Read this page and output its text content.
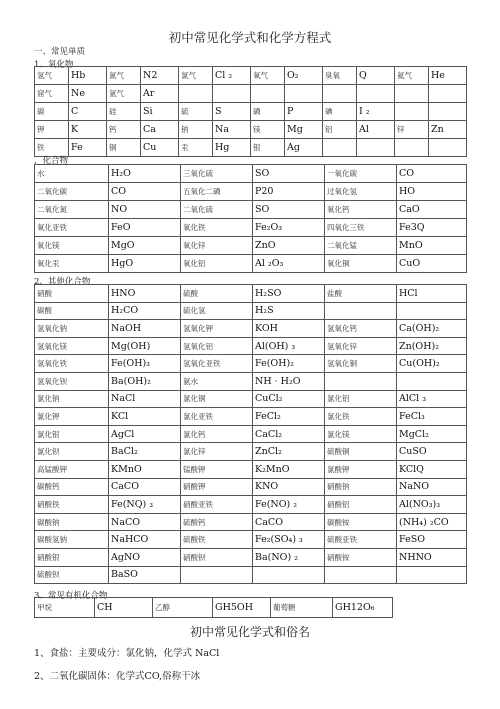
初中常见化学式和化学方程式
一、常见单质
1、氧化物
氢气	Hb	氮气	N2	氯气	Cl ₂	氧气	O₂	臭氧	Q	氦气	He
窟气	Ne	氩气	Ar								
碳	C	硅	Si	硫	S	磷	P	碘	I ₂		
钾	K	钙	Ca	钠	Na	镁	Mg	铝	Al	锌	Zn
铁	Fe	铜	Cu	汞	Hg	银	Ag				
，化合物
水	H₂O	三氧化硫	SO	一氧化碳	CO
二氧化碳	CO	五氧化二磷	P20	过氧化氢	HO
二氧化氮	NO	二氧化硫	SO	氧化钙	CaO
氧化亚铁	FeO	氧化铁	Fe₂O₃	四氧化三铁	Fe3Q
氧化镁	MgO	氧化锌	ZnO	二氧化锰	MnO
氧化汞	HgO	氧化铝	Al ₂O₃	氧化铜	CuO
2、其他化合物
硝酸	HNO	硫酸	H₂SO	盐酸	HCl
碳酸	H₂CO	硫化氢	H₂S		
氢氧化钠	NaOH	氢氧化钾	KOH	氢氧化钙	Ca(OH)₂
氢氧化镁	Mg(OH)	氢氧化铝	Al(OH) ₃	氢氧化锌	Zn(OH)₂
氢氧化铁	Fe(OH)₃	氢氧化亚铁	Fe(OH)₂	氢氧化铜	Cu(OH)₂
氢氧化钡	Ba(OH)₂	氨水	NH · H₂O		
氯化钠	NaCl	氯化铜	CuCl₂	氯化铝	AlCl ₃
氯化钾	KCl	氯化亚铁	FeCl₂	氯化铁	FeCl₃
氯化银	AgCl	氯化钙	CaCl₂	氯化镁	MgCl₂
氯化钡	BaCl₂	氯化锌	ZnCl₂	硫酸铜	CuSO
高锰酸钾	KMnO	锰酸钾	K₂MnO	氯酸钾	KClQ
碳酸钙	CaCO	硝酸钾	KNO	硝酸钠	NaNO
硝酸铁	Fe(NQ) ₃	硝酸亚铁	Fe(NO) ₂	硝酸铝	Al(NO₃)₃
碳酸钠	NaCO	硫酸钙	CaCO	碳酸铵	(NH₄) ₂CO
碳酸氢钠	NaHCO	硫酸铁	Fe₂(SO₄) ₃	硫酸亚铁	FeSO
硝酸银	AgNO	硝酸钡	Ba(NO) ₂	硝酸铵	NHNO
硫酸钡	BaSO				
3、常见有机化合物
甲烷	CH	乙醇	GH5OH	葡萄糖	GH12O₆
初中常见化学式和俗名
1、食盐：主要成分：氯化钠，化学式 NaCl
2、二氧化碳固体：化学式CO,俗称干冰
